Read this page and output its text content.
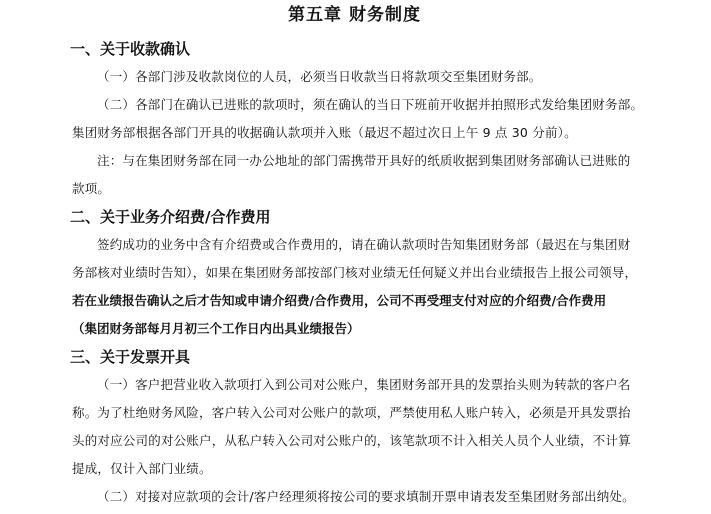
第五章 财务制度

一、关于收款确认

（一）各部门涉及收款岗位的人员，必须当日收款当日将款项交至集团财务部。

（二）各部门在确认已进账的款项时，须在确认的当日下班前开收据并拍照形式发给集团财务部。

集团财务部根据各部门开具的收据确认款项并入账（最迟不超过次日上午 9 点 30 分前）。

注：与在集团财务部在同一办公地址的部门需携带开具好的纸质收据到集团财务部确认已进账的

款项。

二、关于业务介绍费/合作费用

签约成功的业务中含有介绍费或合作费用的，请在确认款项时告知集团财务部（最迟在与集团财

务部核对业绩时告知），如果在集团财务部按部门核对业绩无任何疑义并出台业绩报告上报公司领导，

若在业绩报告确认之后才告知或申请介绍费/合作费用，公司不再受理支付对应的介绍费/合作费用

（集团财务部每月月初三个工作日内出具业绩报告）

三、关于发票开具

（一）客户把营业收入款项打入到公司对公账户，集团财务部开具的发票抬头则为转款的客户名

称。为了杜绝财务风险，客户转入公司对公账户的款项，严禁使用私人账户转入，必须是开具发票抬

头的对应公司的对公账户，从私户转入公司对公账户的，该笔款项不计入相关人员个人业绩，不计算

提成，仅计入部门业绩。

（二）对接对应款项的会计/客户经理须将按公司的要求填制开票申请表发至集团财务部出纳处。
